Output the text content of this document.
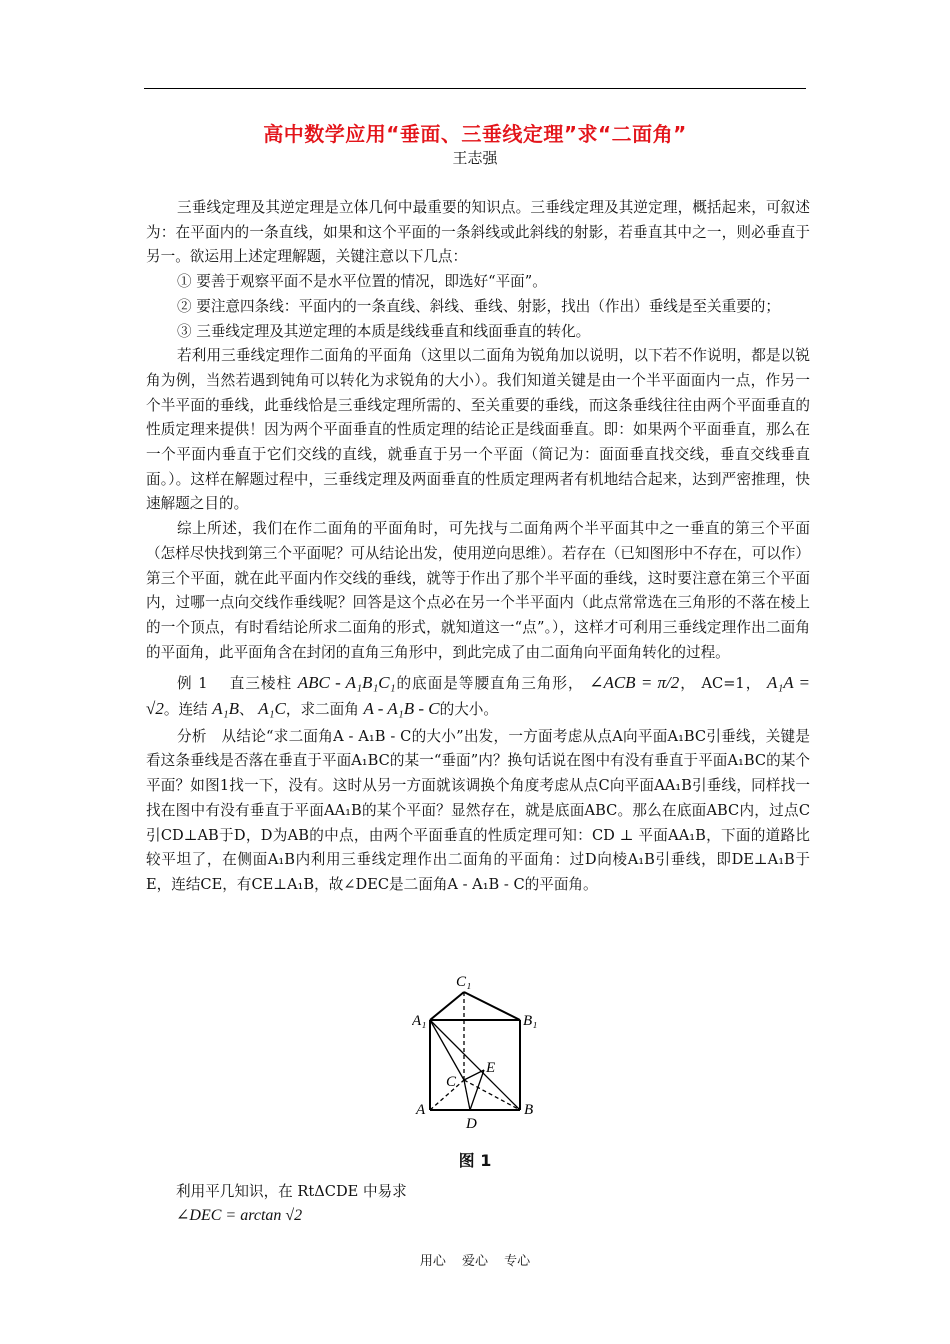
高中数学应用“垂面、三垂线定理”求“二面角”
王志强

三垂线定理及其逆定理是立体几何中最重要的知识点。三垂线定理及其逆定理，概括起来，可叙述为：在平面内的一条直线，如果和这个平面的一条斜线或此斜线的射影，若垂直其中之一，则必垂直于另一。欲运用上述定理解题，关键注意以下几点：

① 要善于观察平面不是水平位置的情况，即选好“平面”。

② 要注意四条线：平面内的一条直线、斜线、垂线、射影，找出（作出）垂线是至关重要的；

③ 三垂线定理及其逆定理的本质是线线垂直和线面垂直的转化。

若利用三垂线定理作二面角的平面角（这里以二面角为锐角加以说明，以下若不作说明，都是以锐角为例，当然若遇到钝角可以转化为求锐角的大小）。我们知道关键是由一个半平面面内一点，作另一个半平面的垂线，此垂线恰是三垂线定理所需的、至关重要的垂线，而这条垂线往往由两个平面垂直的性质定理来提供！因为两个平面垂直的性质定理的结论正是线面垂直。即：如果两个平面垂直，那么在一个平面内垂直于它们交线的直线，就垂直于另一个平面（简记为：面面垂直找交线，垂直交线垂直面。）。这样在解题过程中，三垂线定理及两面垂直的性质定理两者有机地结合起来，达到严密推理，快速解题之目的。

综上所述，我们在作二面角的平面角时，可先找与二面角两个半平面其中之一垂直的第三个平面（怎样尽快找到第三个平面呢？可从结论出发，使用逆向思维）。若存在（已知图形中不存在，可以作）第三个平面，就在此平面内作交线的垂线，就等于作出了那个半平面的垂线，这时要注意在第三个平面内，过哪一点向交线作垂线呢？回答是这个点必在另一个半平面内（此点常常选在三角形的不落在棱上的一个顶点，有时看结论所求二面角的形式，就知道这一“点”。），这样才可利用三垂线定理作出二面角的平面角，此平面角含在封闭的直角三角形中，到此完成了由二面角向平面角转化的过程。

例 1　 直三棱柱 ABC - A₁B₁C₁的底面是等腰直角三角形， ∠ACB = π/2， AC=1， A₁A = √2。连结 A₁B、 A₁C，求二面角 A - A₁B - C的大小。

分析　从结论“求二面角A - A₁B - C的大小”出发，一方面考虑从点A向平面A₁BC引垂线，关键是看这条垂线是否落在垂直于平面A₁BC的某一“垂面”内？换句话说在图中有没有垂直于平面A₁BC的某个平面？如图1找一下，没有。这时从另一方面就该调换个角度考虑从点C向平面AA₁B引垂线，同样找一找在图中有没有垂直于平面AA₁B的某个平面？显然存在，就是底面ABC。那么在底面ABC内，过点C引CD⊥AB于D，D为AB的中点，由两个平面垂直的性质定理可知：CD ⊥ 平面AA₁B，下面的道路比较平坦了，在侧面A₁B内利用三垂线定理作出二面角的平面角：过D向棱A₁B引垂线，即DE⊥A₁B于E，连结CE，有CE⊥A₁B，故∠DEC是二面角A - A₁B - C的平面角。

C₁
A₁	B₁
A	B
C
D
E
图 1
利用平几知识，在 RtΔCDE 中易求
∠DEC = arctan √2
用心 爱心 专心
